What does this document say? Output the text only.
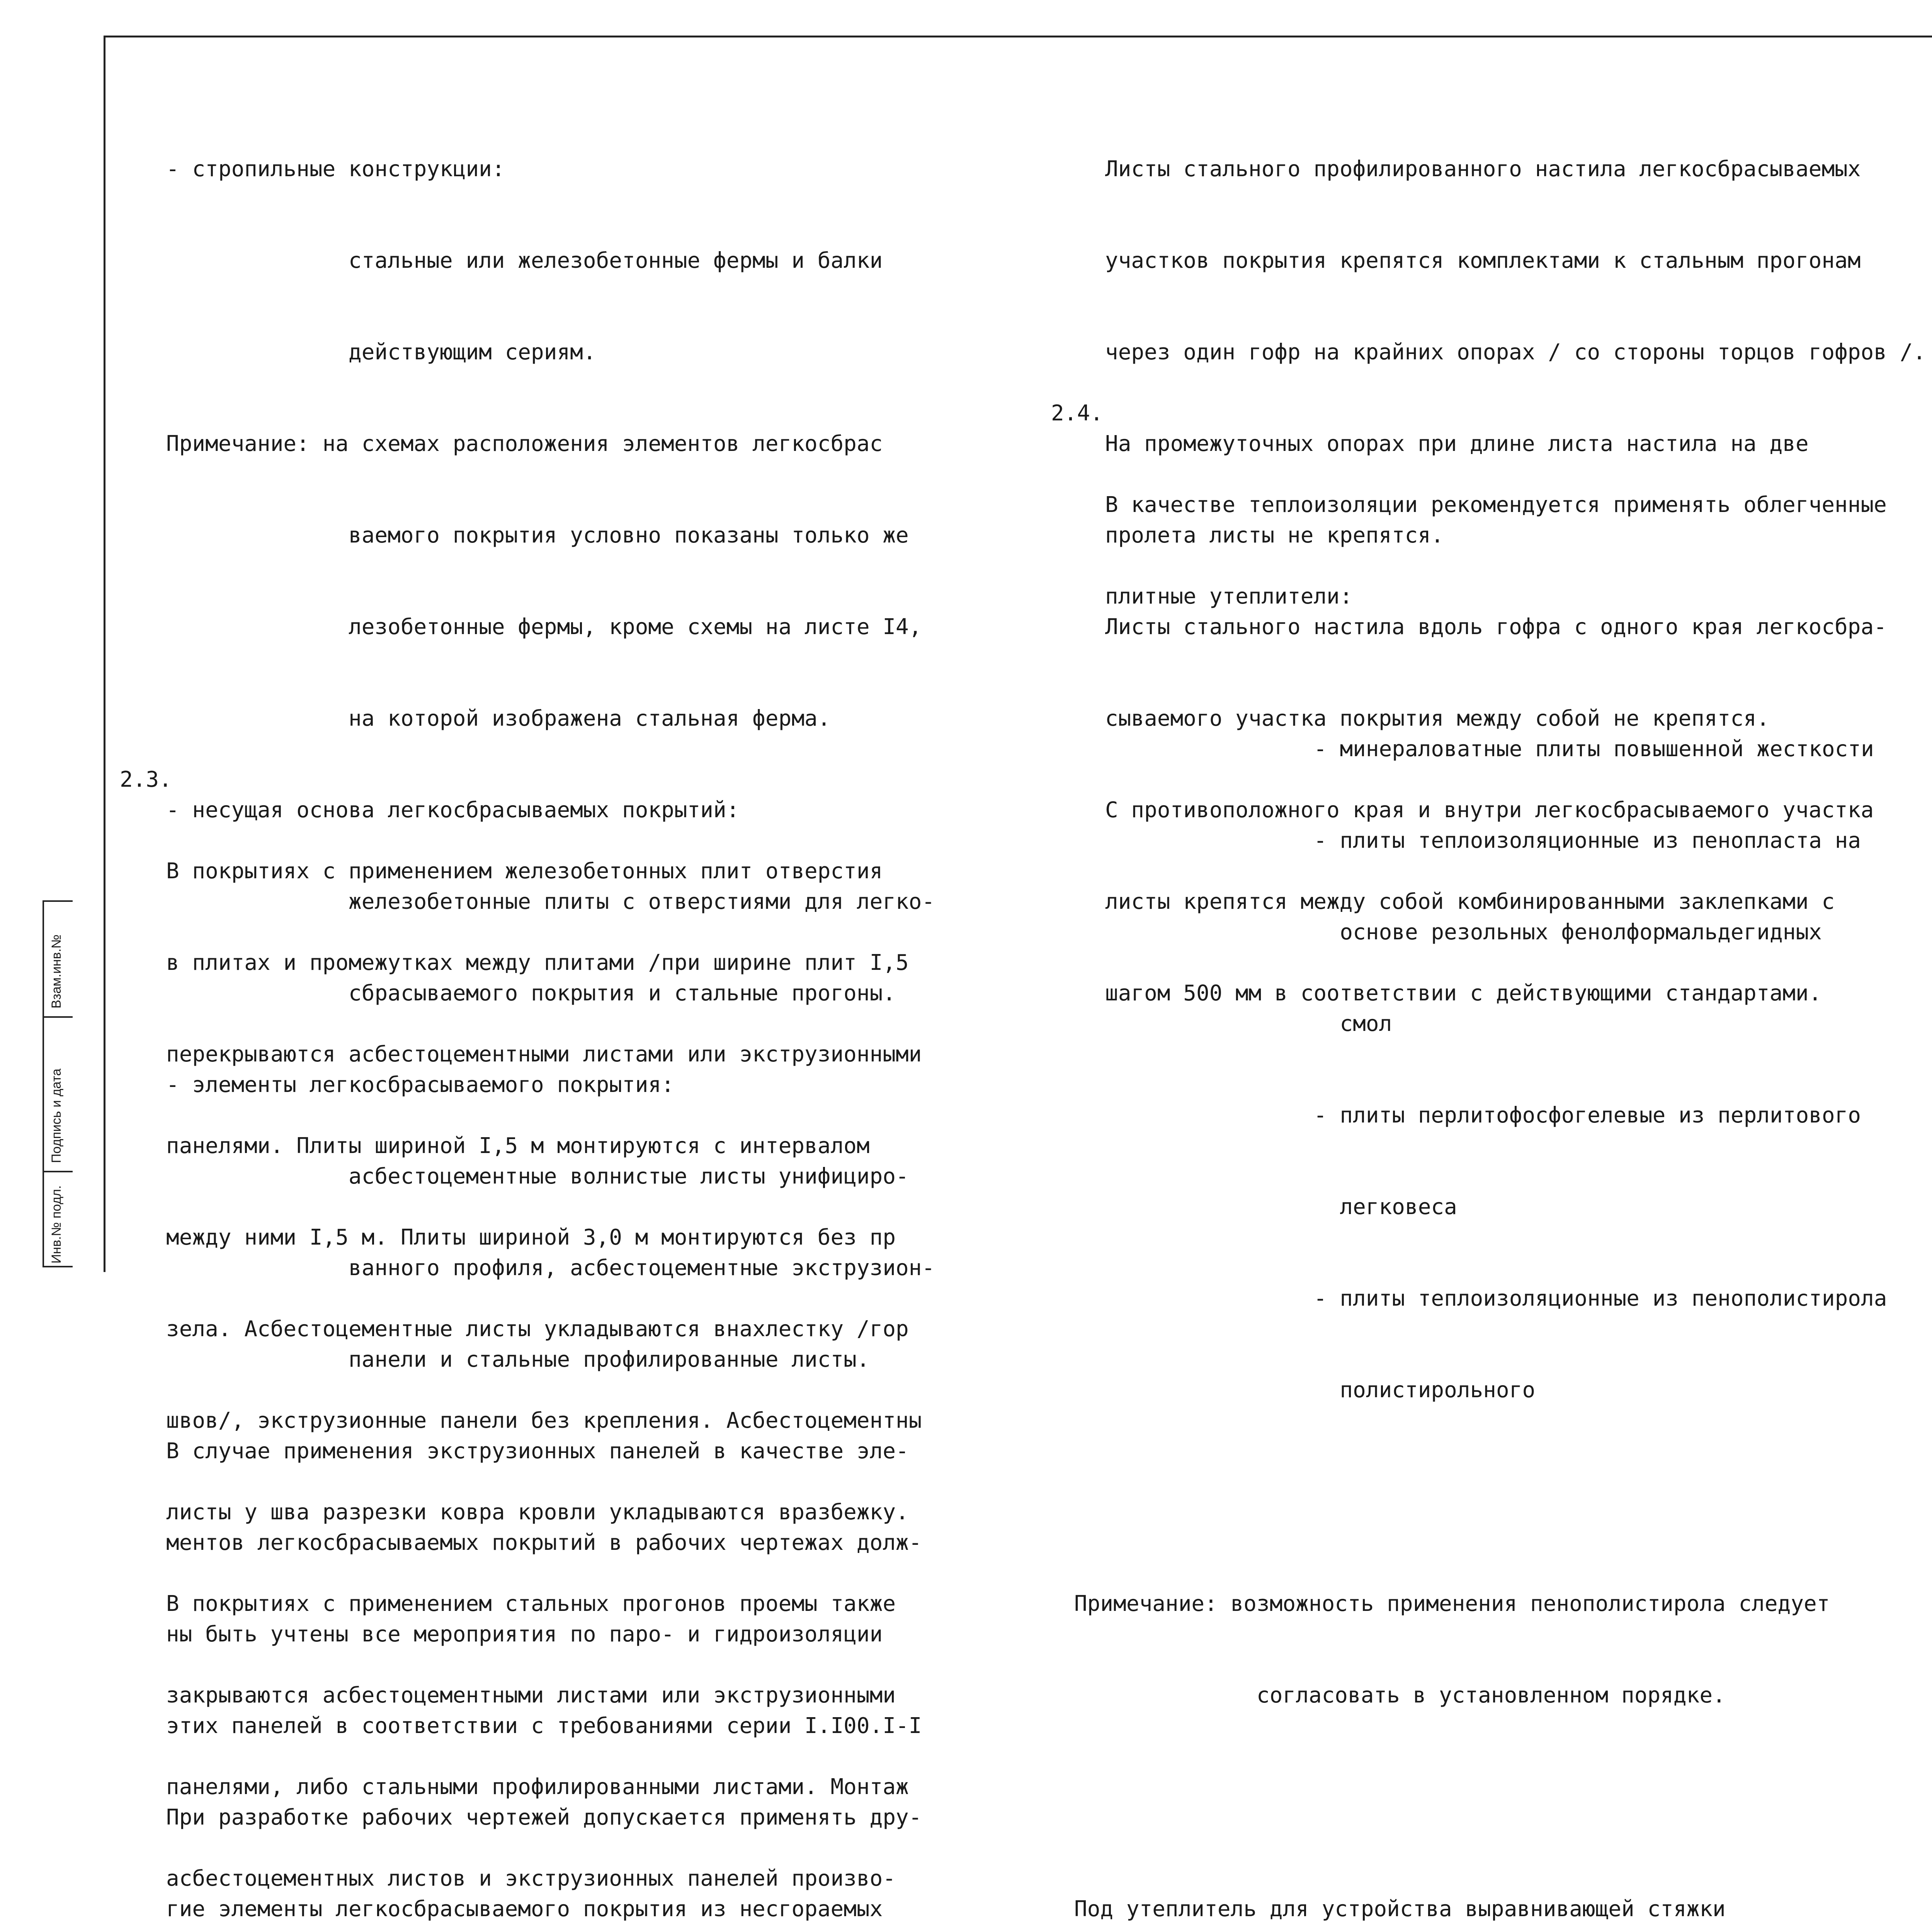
- стропильные конструкции:

стальные или железобетонные фермы и балки

действующим сериям.

Примечание: на схемах расположения элементов легкосбрас

ваемого покрытия условно показаны только же

лезобетонные фермы, кроме схемы на листе I4,

на которой изображена стальная ферма.

- несущая основа легкосбрасываемых покрытий:

железобетонные плиты с отверстиями для легко-

сбрасываемого покрытия и стальные прогоны.

- элементы легкосбрасываемого покрытия:

асбестоцементные волнистые листы унифициро-

ванного профиля, асбестоцементные экструзион-

панели и стальные профилированные листы.

В случае применения экструзионных панелей в качестве эле-

ментов легкосбрасываемых покрытий в рабочих чертежах долж-

ны быть учтены все мероприятия по паро- и гидроизоляции

этих панелей в соответствии с требованиями серии I.I00.I-I

При разработке рабочих чертежей допускается применять дру-

гие элементы легкосбрасываемого покрытия из несгораемых

2.3.

В покрытиях с применением железобетонных плит отверстия

в плитах и промежутках между плитами /при ширине плит I,5

перекрываются асбестоцементными листами или экструзионными

панелями. Плиты шириной I,5 м монтируются с интервалом

между ними I,5 м. Плиты шириной 3,0 м монтируются без пр

зела. Асбестоцементные листы укладываются внахлестку /гор

швов/, экструзионные панели без крепления. Асбестоцементны

листы у шва разрезки ковра кровли укладываются вразбежку.

В покрытиях с применением стальных прогонов проемы также

закрываются асбестоцементными листами или экструзионными

панелями, либо стальными профилированными листами. Монтаж

асбестоцементных листов и экструзионных панелей произво-

Листы стального профилированного настила легкосбрасываемых

участков покрытия крепятся комплектами к стальным прогонам

через один гофр на крайних опорах / со стороны торцов гофров /.

На промежуточных опорах при длине листа настила на две

пролета листы не крепятся.

Листы стального настила вдоль гофра с одного края легкосбра-

сываемого участка покрытия между собой не крепятся.

С противоположного края и внутри легкосбрасываемого участка

листы крепятся между собой комбинированными заклепками с

шагом 500 мм в соответствии с действующими стандартами.

2.4.

В качестве теплоизоляции рекомендуется применять облегченные

плитные утеплители:

- минераловатные плиты повышенной жесткости

- плиты теплоизоляционные из пенопласта на

основе резольных фенолформальдегидных

смол

- плиты перлитофосфогелевые из перлитового

легковеса

- плиты теплоизоляционные из пенополистирола

полистирольного

Примечание: возможность применения пенополистирола следует

согласовать в установленном порядке.

Под утеплитель для устройства выравнивающей стяжки

Взам.инв.№
Подпись и дата
Инв.№ подл.
